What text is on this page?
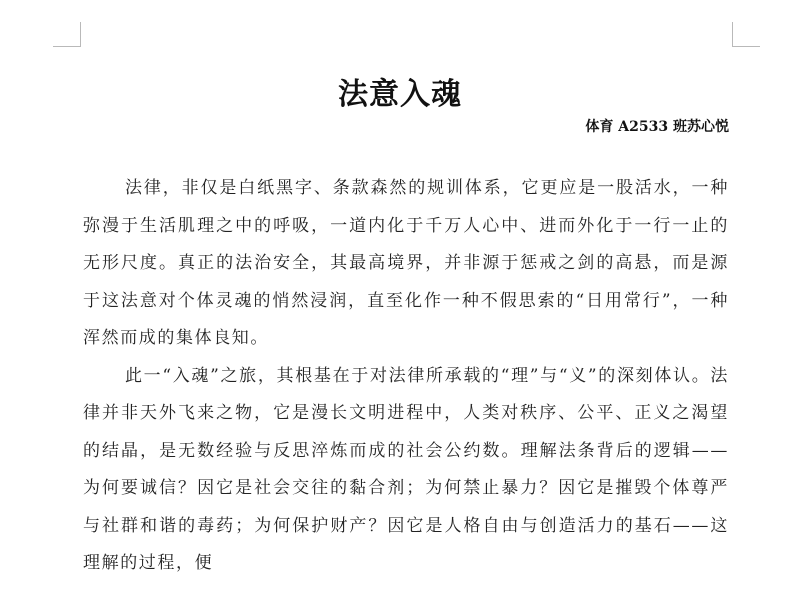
法意入魂
体育 A2533 班苏心悦

法律，非仅是白纸黑字、条款森然的规训体系，它更应是一股活水，一种弥漫于生活肌理之中的呼吸，一道内化于千万人心中、进而外化于一行一止的无形尺度。真正的法治安全，其最高境界，并非源于惩戒之剑的高悬，而是源于这法意对个体灵魂的悄然浸润，直至化作一种不假思索的“日用常行”，一种浑然而成的集体良知。

此一“入魂”之旅，其根基在于对法律所承载的“理”与“义”的深刻体认。法律并非天外飞来之物，它是漫长文明进程中，人类对秩序、公平、正义之渴望的结晶，是无数经验与反思淬炼而成的社会公约数。理解法条背后的逻辑——为何要诚信？因它是社会交往的黏合剂；为何禁止暴力？因它是摧毁个体尊严与社群和谐的毒药；为何保护财产？因它是人格自由与创造活力的基石——这理解的过程，便
